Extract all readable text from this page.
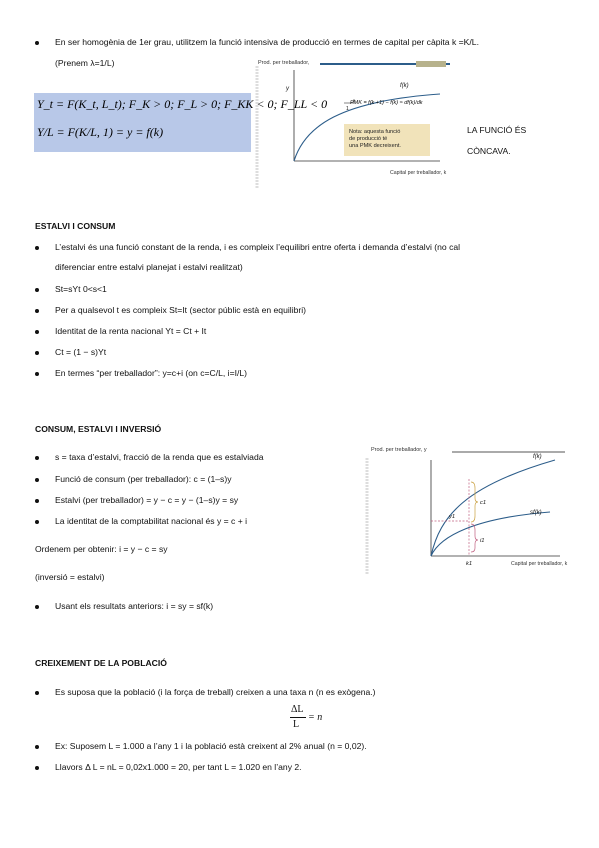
En ser homogènia de 1er grau, utilitzem la funció intensiva de producció en termes de capital per càpita k =K/L.
(Prenem λ=1/L)
Y_t = F(K_t, L_t); F_K > 0; F_L > 0; F_KK < 0; F_LL < 0
Y/L = F(K/L, 1) = y = f(k)
Prod. per treballador,
y	f(k)
1
PMK = f(k +1) − f(k) ≈ df(k)/dk
Nota: aquesta funció de producció té una PMK decreixent.
Capital per treballador, k
LA FUNCIÓ ÉS CÒNCAVA.
ESTALVI I CONSUM
L’estalvi és una funció constant de la renda, i es compleix l’equilibri entre oferta i demanda d’estalvi (no cal
diferenciar entre estalvi planejat i estalvi realitzat)
St=sYt 0<s<1
Per a qualsevol t es compleix St=It (sector públic està en equilibri)
Identitat de la renta nacional Yt = Ct + It
Ct = (1 − s)Yt
En termes “per treballador”: y=c+i (on c=C/L, i=I/L)
CONSUM, ESTALVI I INVERSIÓ
s = taxa d’estalvi, fracció de la renda que es estalviada
Funció de consum (per treballador): c = (1–s)y
Estalvi (per treballador) = y − c = y − (1–s)y = sy
La identitat de la comptabilitat nacional és y = c + i
Ordenem per obtenir: i = y − c = sy
(inversió = estalvi)
Usant els resultats anteriors: i = sy = sf(k)
Prod. per treballador, y
f(k)
sf(k)
c1
i1
y1
k1	Capital per treballador, k
CREIXEMENT DE LA POBLACIÓ
Es suposa que la població (i la força de treball) creixen a una taxa n (n es exògena.)
ΔL
L
= n
Ex: Suposem L = 1.000 a l’any 1 i la població està creixent al 2% anual (n = 0,02).
Llavors Δ L = nL = 0,02x1.000 = 20, per tant L = 1.020 en l’any 2.
